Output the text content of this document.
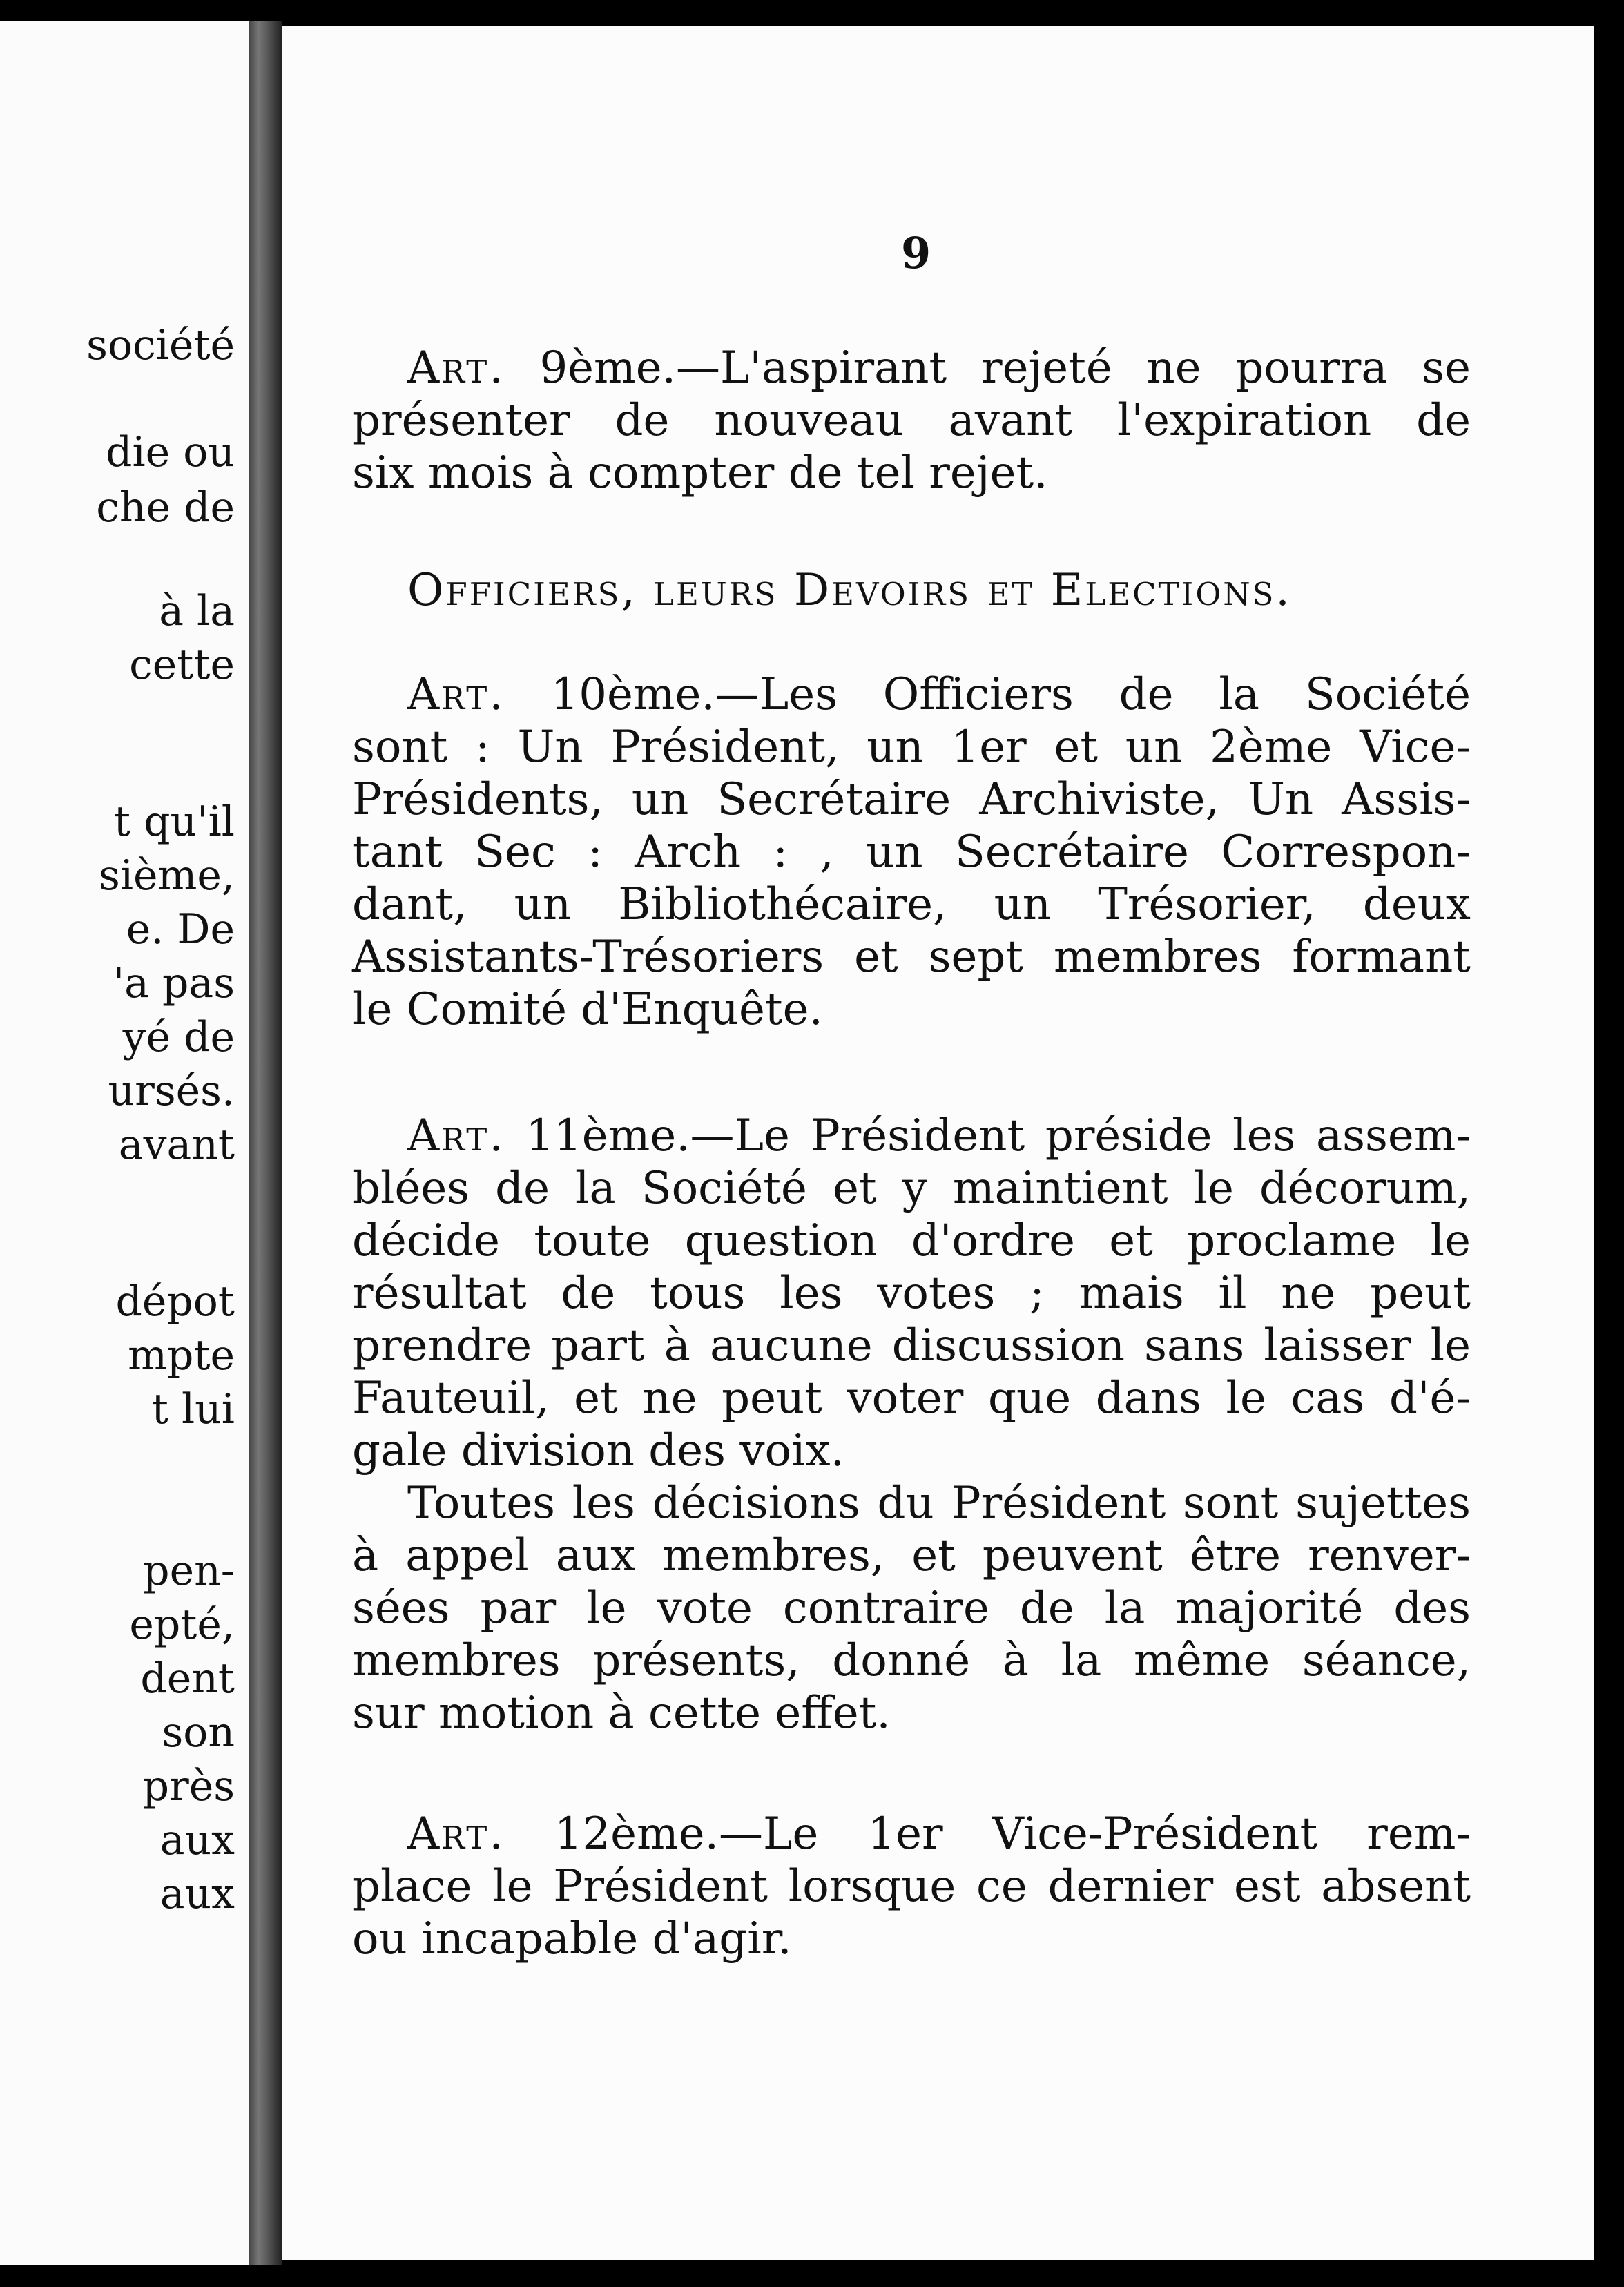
société
die ou
che de
à la
cette
t qu'il
sième,
e. De
'a pas
yé de
ursés.
avant
dépot
mpte
t lui
pen-
epté,
dent
son
près
aux
aux
9

Art. 9ème.—L'aspirant rejeté ne pourra se

présenter de nouveau avant l'expiration de

six mois à compter de tel rejet.

Officiers, leurs Devoirs et Elections.

Art. 10ème.—Les Officiers de la Société

sont : Un Président, un 1er et un 2ème Vice-

Présidents, un Secrétaire Archiviste, Un Assis-

tant Sec : Arch : , un Secrétaire Correspon-

dant, un Bibliothécaire, un Trésorier, deux

Assistants-Trésoriers et sept membres formant

le Comité d'Enquête.

Art. 11ème.—Le Président préside les assem-

blées de la Société et y maintient le décorum,

décide toute question d'ordre et proclame le

résultat de tous les votes ; mais il ne peut

prendre part à aucune discussion sans laisser le

Fauteuil, et ne peut voter que dans le cas d'é-

gale division des voix.

Toutes les décisions du Président sont sujettes

à appel aux membres, et peuvent être renver-

sées par le vote contraire de la majorité des

membres présents, donné à la même séance,

sur motion à cette effet.

Art. 12ème.—Le 1er Vice-Président rem-

place le Président lorsque ce dernier est absent

ou incapable d'agir.
